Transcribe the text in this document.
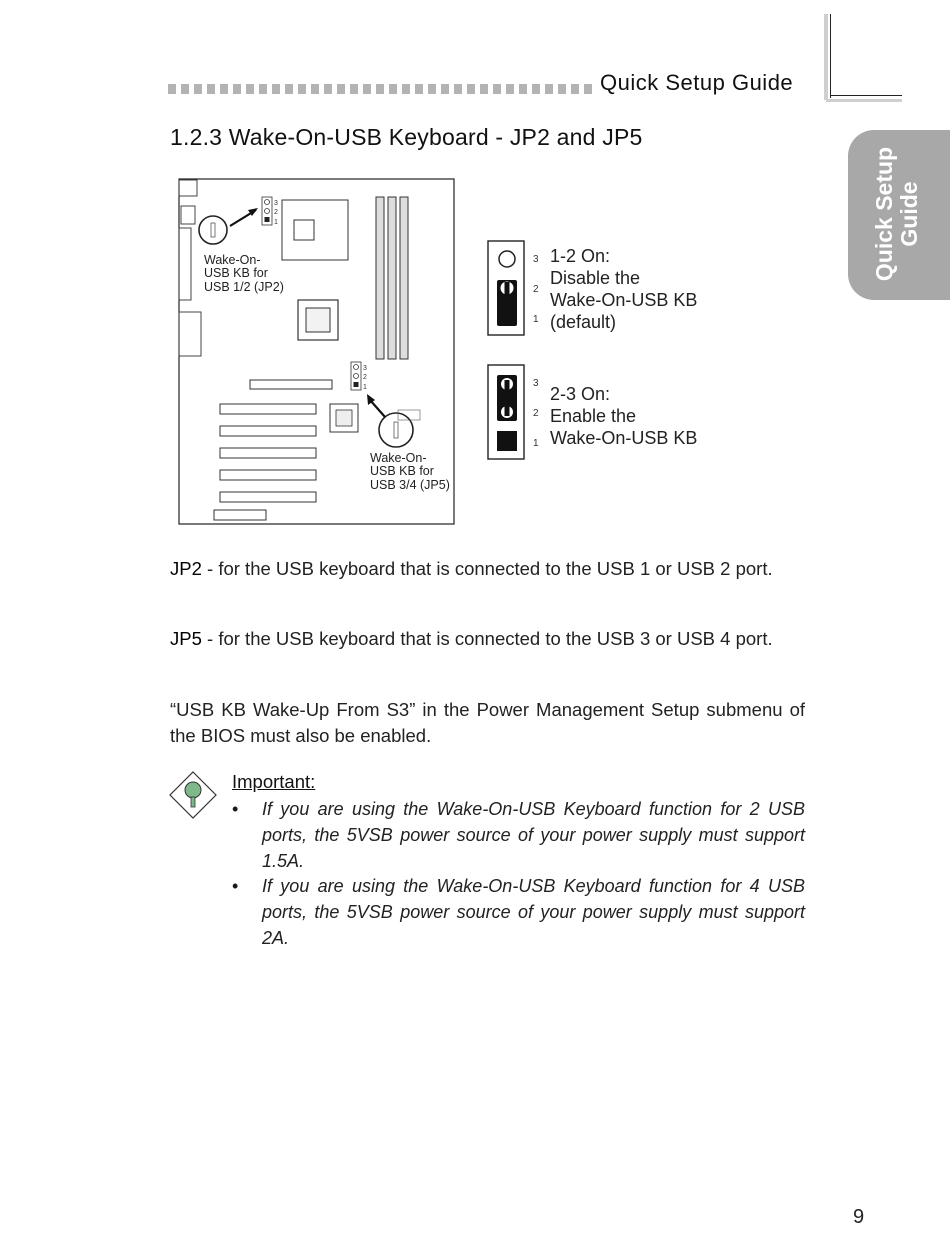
Quick Setup Guide
Quick Setup Guide
1.2.3 Wake-On-USB Keyboard - JP2 and JP5
3
2
1
Wake-On-
USB KB for
USB 1/2 (JP2)
3
2
1
Wake-On-
USB KB for
USB 3/4 (JP5)
3
2
1
1-2 On:
Disable the
Wake-On-USB KB
(default)
3
2
1
2-3 On:
Enable the
Wake-On-USB KB
JP2 - for the USB keyboard that is connected to the USB 1 or USB 2 port.
JP5 - for the USB keyboard that is connected to the USB 3 or USB 4 port.
“USB KB Wake-Up From S3” in the Power Management Setup submenu of the BIOS must also be enabled.
Important:
• If you are using the Wake-On-USB Keyboard function for 2 USB ports, the 5VSB power source of your power supply must support 1.5A.
• If you are using the Wake-On-USB Keyboard function for 4 USB ports, the 5VSB power source of your power supply must support 2A.
9
